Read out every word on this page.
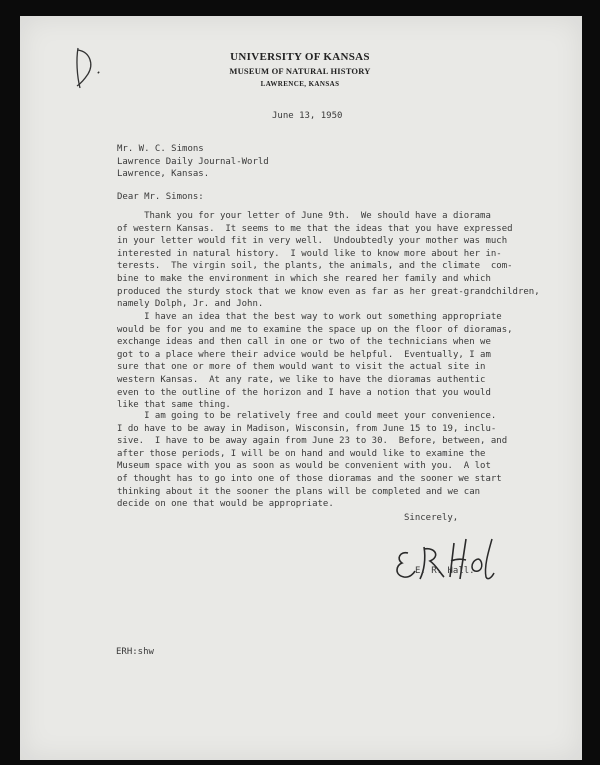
UNIVERSITY OF KANSAS
MUSEUM OF NATURAL HISTORY
LAWRENCE, KANSAS
June 13, 1950
Mr. W. C. Simons
Lawrence Daily Journal-World
Lawrence, Kansas.
Dear Mr. Simons:
Thank you for your letter of June 9th.  We should have a diorama
of western Kansas.  It seems to me that the ideas that you have expressed
in your letter would fit in very well.  Undoubtedly your mother was much
interested in natural history.  I would like to know more about her in-
terests.  The virgin soil, the plants, the animals, and the climate  com-
bine to make the environment in which she reared her family and which
produced the sturdy stock that we know even as far as her great-grandchildren,
namely Dolph, Jr. and John.
I have an idea that the best way to work out something appropriate
would be for you and me to examine the space up on the floor of dioramas,
exchange ideas and then call in one or two of the technicians when we
got to a place where their advice would be helpful.  Eventually, I am
sure that one or more of them would want to visit the actual site in
western Kansas.  At any rate, we like to have the dioramas authentic
even to the outline of the horizon and I have a notion that you would
like that same thing.
I am going to be relatively free and could meet your convenience.
I do have to be away in Madison, Wisconsin, from June 15 to 19, inclu-
sive.  I have to be away again from June 23 to 30.  Before, between, and
after those periods, I will be on hand and would like to examine the
Museum space with you as soon as would be convenient with you.  A lot
of thought has to go into one of those dioramas and the sooner we start
thinking about it the sooner the plans will be completed and we can
decide on one that would be appropriate.
Sincerely,
E. R. Hall.
ERH:shw
